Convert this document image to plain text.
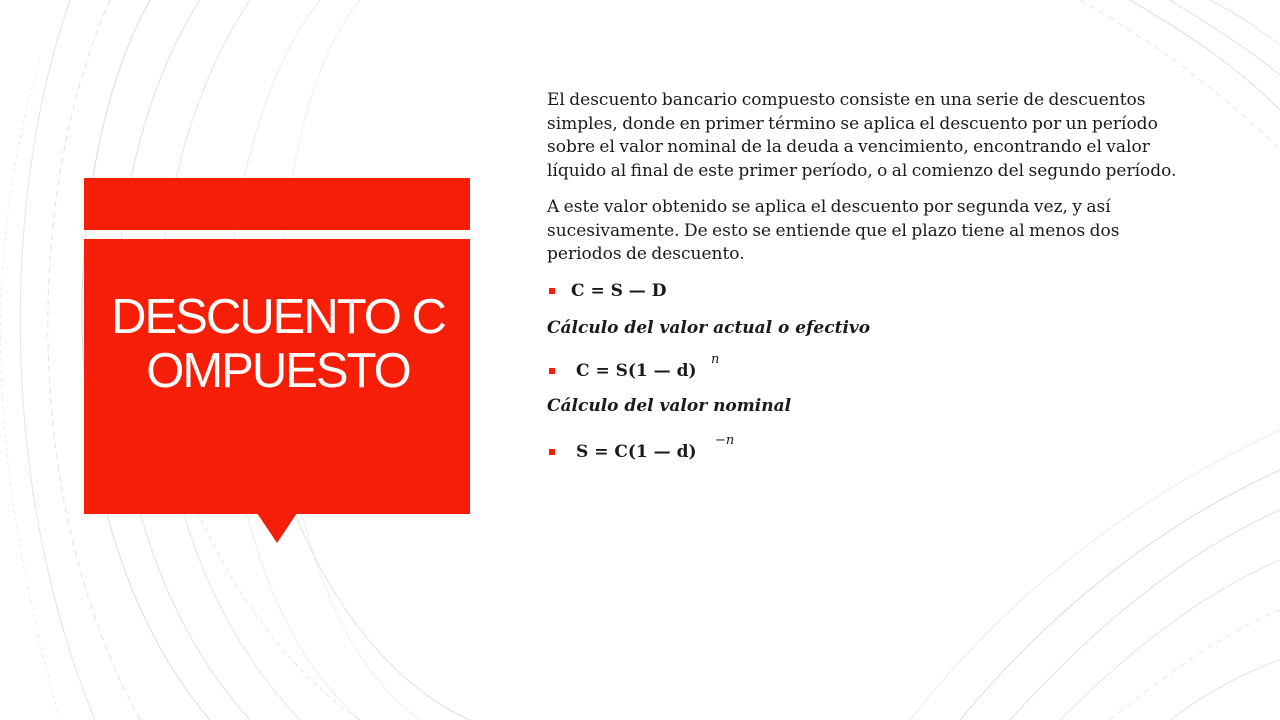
DESCUENTO COMPUESTO

El descuento bancario compuesto consiste en una serie de descuentos simples, donde en primer término se aplica el descuento por un período sobre el valor nominal de la deuda a vencimiento, encontrando el valor líquido al final de este primer período, o al comienzo del segundo período.

A este valor obtenido se aplica el descuento por segunda vez, y así sucesivamente. De esto se entiende que el plazo tiene al menos dos periodos de descuento.

C = S — D

Cálculo del valor actual o efectivo

C = S(1 — d)
n

Cálculo del valor nominal

S = C(1 — d)
−n
